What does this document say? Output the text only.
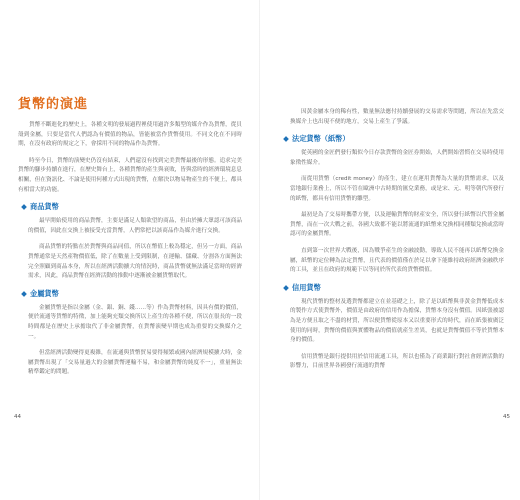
貨幣的演進

貨幣不斷進化的歷史上，各種文明的發展過程裡使用過許多類型的媒介作為貨幣，從貝殼到金屬，只要是當代人們認為有價值的物品，皆能被當作貨幣使用。不同文化在不同時期，在沒有政府的規定之下，會採用不同的物品作為貨幣。

時至今日，貨幣的演變史仍沒有結束，人們還沒有找到完美貨幣最後的形態。追求完美貨幣的腳步持續在進行，在歷史舞台上，各種貨幣的產生與衰敗，皆與當時的經濟環境息息相關，但在資訊化、不論是使用何種方式出現的貨幣，在解決以物易物產生的不便上，都具有相當大的功能。

商品貨幣

最早開始使用的商品貨幣，主要是滿足人類欲望的商品，但由於擁大眾認可該商品的價值，因此在交換上被接受充當貨幣，人們常把以該商品作為媒介進行交換。

商品貨幣的特點在於貨幣與商品同值，所以在幣值上較為穩定，但另一方面，商品貨幣通常是天然產物價值低，除了在數量上受到限制，在運輸、儲藏、分割各方面無法完全照顧到商品本身，所以在經濟活動擴大的情況時，商品貨幣就無法滿足當時的經濟需求，因此，商品貨幣在經濟活動的推動中逐漸被金屬貨幣取代。

金屬貨幣

金屬貨幣是指以金屬（金、銀、銅、錢……等）作為貨幣材料，因具有價的價值，便於流通等貨幣的特徵，加上能夠充類交換所以上產生的各種不便，所以在很長的一段時間都是在歷史上承擔取代了非金屬貨幣，在貨幣演變早期也成為重要的交換媒介之一。

但當經濟活動變得更複雜，在流通與貨幣貿易要得頻繁或國內經濟規模擴大時，金屬貨幣出現了「交易量過大的金屬貨幣運輸不易，和金屬貨幣的純度不一」，重量無法精準鑑定的問題。

44

因黃金屬本身的稀有性，數量無法應付持續發展的交易需求等問題，所以在先當交換媒介上也出現不便的地方，交易上產生了爭議。

法定貨幣（紙幣）

從英國的金匠們發行類似今日存款貨幣的金匠券開始，人們開始習慣在交易時使用象徵性媒介。

而從用貨幣（credit money）的產生，建立在運用貨幣為大量的貨幣需求，以及當地銀行業務上，所以不管在歐洲中古時期的匯兌業務，或是宋、元、明等朝代所發行的紙幣，都具有信用貨幣的雛型。

最初是為了交易時攜帶方便，以及運輸貨幣的財產安全，所以發行紙幣以代替金屬貨幣，而在一次大戰之前，各國大致都不能以將流通的紙幣來兌換相同種類兌換或當時認可的金屬貨幣。

直到第一次世界大戰後，因為戰爭產生的金融波動，導致人民不能再以紙幣兌換金屬，紙幣的定位轉為法定貨幣，且代表的價值僅在於足以拿下能維持政府經濟金融秩序的工具，並且在政府的規範下以等同於所代表的貨幣價值。

信用貨幣

現代貨幣的整材及選貨幣都建立在並基礎之上，除了是以紙幣與非黃金貨幣低成本的製作方式使貨幣外，價值是由政府的信用作為擔保，貨幣本身沒有價值。因紙張被認為是方便且取之不盡的材質，所以便貨幣從原本又以重要形式的時代，而在紙張被廣泛使用的同時，貨幣的價值與實體物品的價值就產生差異，也就是貨幣價值不等於貨幣本身的價值。

信用貨幣是銀行提供用於信用流通工具，所以也僅為了商業銀行對社會經濟活動的影響力，目前世界各國發行流通的貨幣

45
